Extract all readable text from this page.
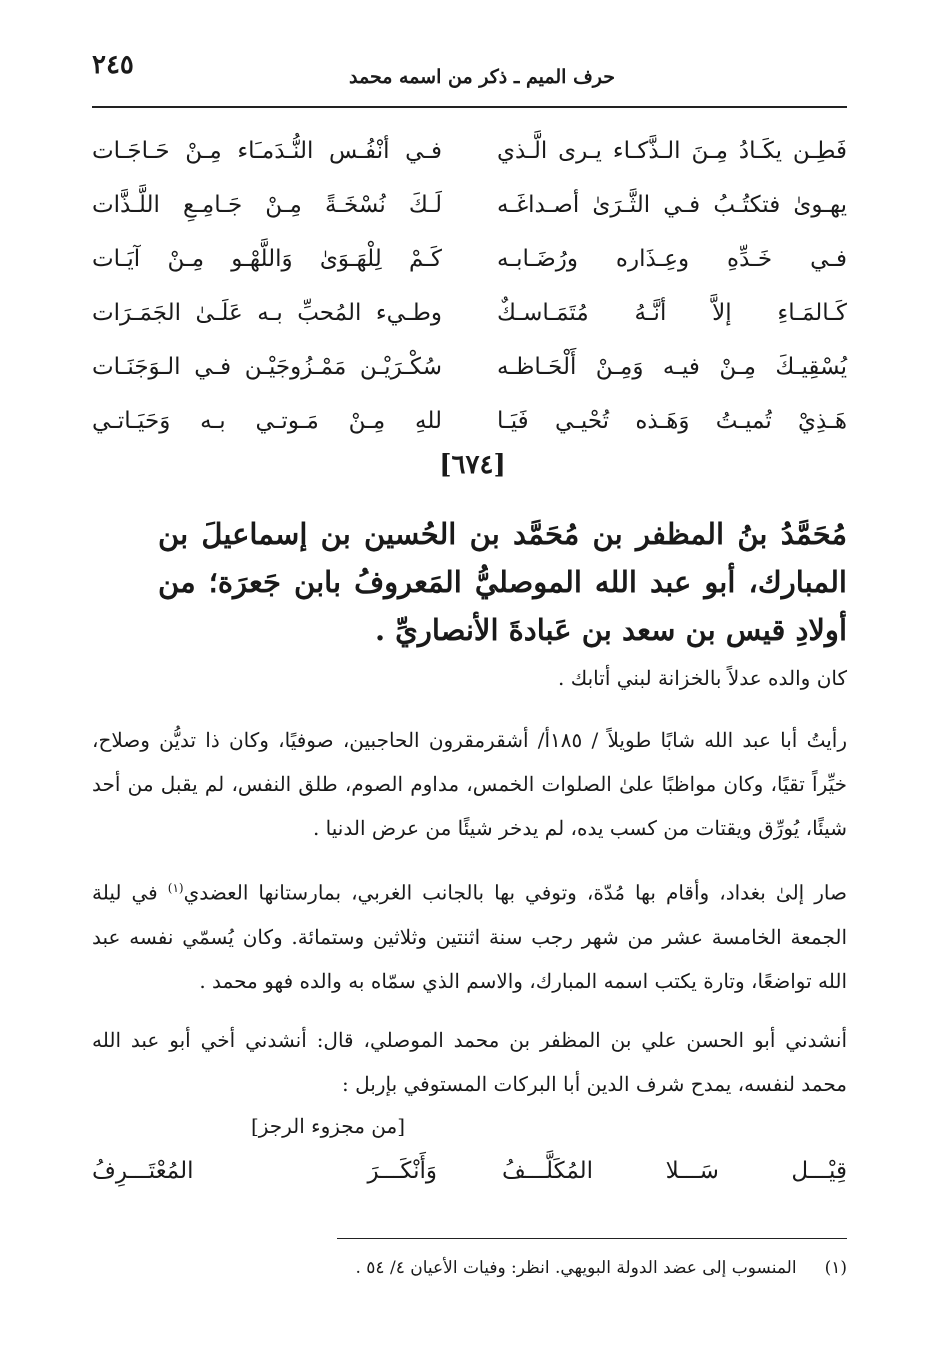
٢٤٥	حرف الميم ـ ذكر من اسمه محمد
فَطِـن يكَـادُ مِـنَ الـذَّكـاء يـرى الَّـذي
فـي أنْفُـس النُّـدَمـَاء مِـنْ حَـاجَـات
يهـوىٰ فتكتُـبُ فـي الثَّـرَىٰ أصـداغَـه
لَـكَ نُسْخَـةً مِـنْ جَـامِـعِ اللَّـذَّات
فـي خَـدِّهِ وعِـذَاره ورُضَـابـه
كَـمْ لِلْهَـوَىٰ وَاللَّهْـو مِـنْ آيَـات
كَـالمَـاءِ إلاَّ أنَّـهُ مُتَمَـاسـكٌ
وطـيء المُحبِّ بـه عَلَـىٰ الجَمَـرَات
يُسْقِيـكَ مِـنْ فيـه وَمِـنْ أَلْحَـاظـه
سُكْـرَيْـن مَمْـزُوجَيْـن فـي الـوَجَنَـات
هَـذِيْ تُميـتُ وَهَـذه تُحْيـي فَيَـا
للهِ مِـنْ مَـوتـي بـه وَحَيَـاتـي
[٦٧٤]
مُحَمَّدُ بنُ المظفر بن مُحَمَّد بن الحُسين بن إسماعيلَ بن المبارك، أبو عبد الله الموصليُّ المَعروفُ بابن جَعرَة؛ من أولادِ قيس بن سعد بن عَبادةَ الأنصاريِّ .
كان والده عدلاً بالخزانة لبني أتابك .
رأيتُ أبا عبد الله شابًا طويلاً / ١٨٥أ/ أشقرمقرون الحاجبين، صوفيًا، وكان ذا تديُّن وصلاح، خيِّراً تقيًا، وكان مواظبًا علىٰ الصلوات الخمس، مداوم الصوم، طلق النفس، لم يقبل من أحد شيئًا، يُورِّق ويقتات من كسب يده، لم يدخر شيئًا من عرض الدنيا .
صار إلىٰ بغداد، وأقام بها مُدّة، وتوفي بها بالجانب الغربي، بمارستانها العضدي$^{(١)}$ في ليلة الجمعة الخامسة عشر من شهر رجب سنة اثنتين وثلاثين وستمائة. وكان يُسمّي نفسه عبد الله تواضعًا، وتارة يكتب اسمه المبارك، والاسم الذي سمّاه به والده فهو محمد .
أنشدني أبو الحسن علي بن المظفر بن محمد الموصلي، قال: أنشدني أخي أبو عبد الله محمد لنفسه، يمدح شرف الدين أبا البركات المستوفي بإربل :
[من مجزوء الرجز]
قِيْـــل سَـــلا المُكَلَّـــفُ
وَأَنْكَـــرَ المُعْتَـــرِفُ
(١)المنسوب إلى عضد الدولة البويهي. انظر: وفيات الأعيان ٤/ ٥٤ .
